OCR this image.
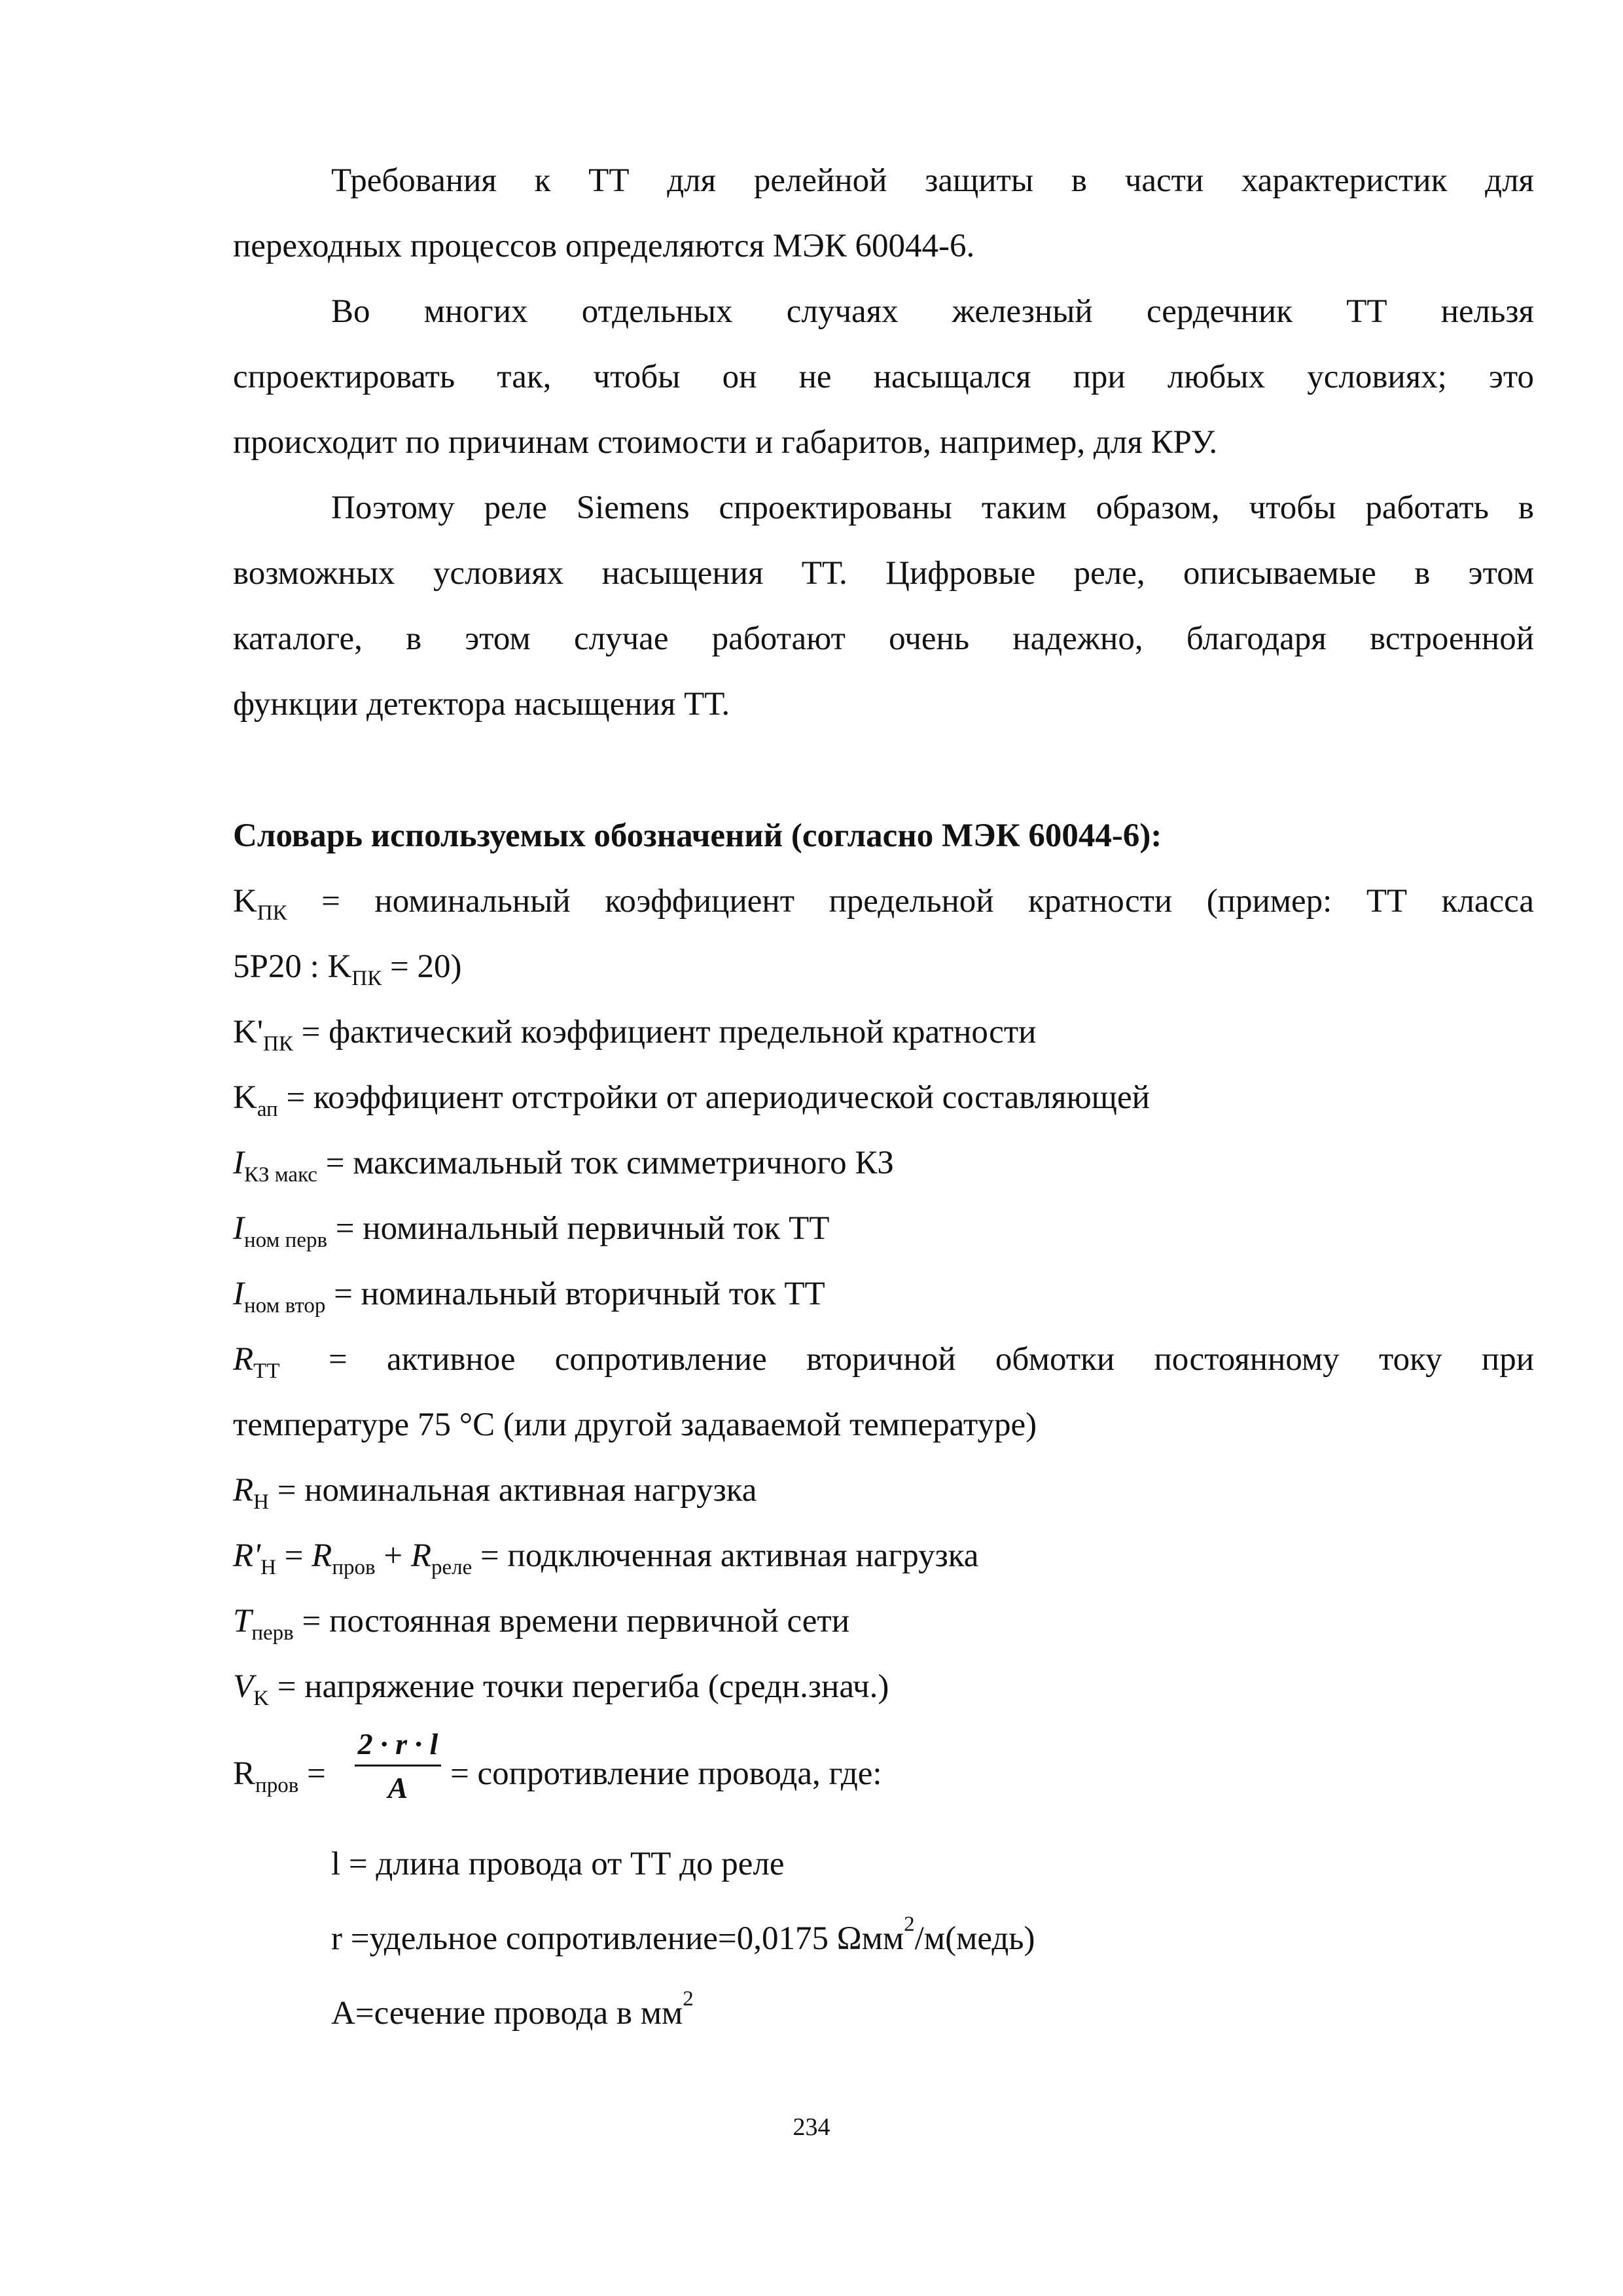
Требования к ТТ для релейной защиты в части характеристик для
переходных процессов определяются МЭК 60044-6.
Во многих отдельных случаях железный сердечник ТТ нельзя
спроектировать так, чтобы он не насыщался при любых условиях; это
происходит по причинам стоимости и габаритов, например, для КРУ.
Поэтому реле Siemens спроектированы таким образом, чтобы работать в
возможных условиях насыщения ТТ. Цифровые реле, описываемые в этом
каталоге, в этом случае работают очень надежно, благодаря встроенной
функции детектора насыщения ТТ.
Словарь используемых обозначений (согласно МЭК 60044-6):
$K_{ПК}$ = номинальный коэффициент предельной кратности (пример: ТТ класса
5P20 : $K_{ПК} = 20$)
$K'_{ПК}$ = фактический коэффициент предельной кратности
$K_{ап}$ = коэффициент отстройки от апериодической составляющей
$I_{КЗ макс}$ = максимальный ток симметричного КЗ
$I_{ном перв}$ = номинальный первичный ток ТТ
$I_{ном втор}$ = номинальный вторичный ток ТТ
$R_{ТТ}$	= активное сопротивление вторичной обмотки постоянному току при
температуре 75 °C (или другой задаваемой температуре)
$R_Н$ = номинальная активная нагрузка
$R'_Н = R_{пров} + R_{реле}$ = подключенная активная нагрузка
$T_{перв}$ = постоянная времени первичной сети
$V_K$ = напряжение точки перегиба (средн.знач.)
$R_{пров}$ =
2 · r · l
A	= сопротивление провода, где:
l = длина провода от ТТ до реле
r =удельное сопротивление=0,0175 Ωмм$^2$/м(медь)
A=сечение провода в $мм^2$
234
